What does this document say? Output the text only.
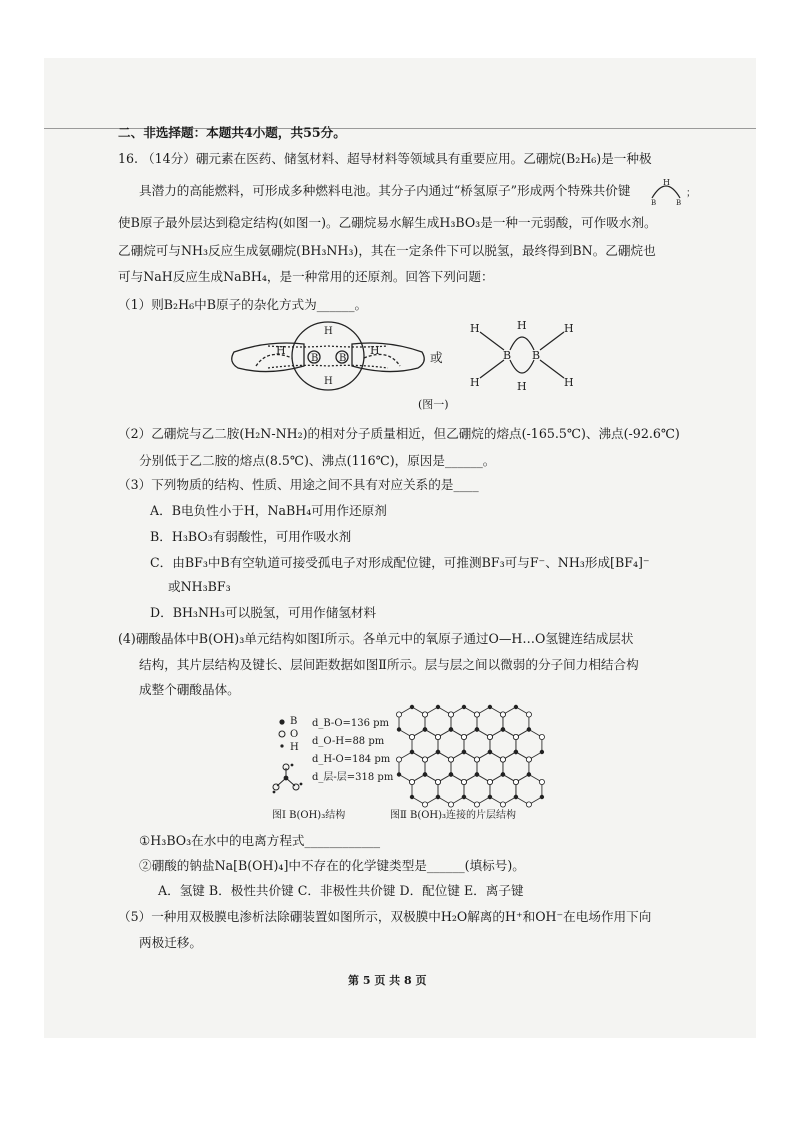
二、非选择题：本题共4小题，共55分。
16. （14分）硼元素在医药、储氢材料、超导材料等领域具有重要应用。乙硼烷(B₂H₆)是一种极
具潜力的高能燃料，可形成多种燃料电池。其分子内通过“桥氢原子”形成两个特殊共价键
H
B	B
；
使B原子最外层达到稳定结构(如图一)。乙硼烷易水解生成H₃BO₃是一种一元弱酸，可作吸水剂。
乙硼烷可与NH₃反应生成氨硼烷(BH₃NH₃)，其在一定条件下可以脱氢，最终得到BN。乙硼烷也
可与NaH反应生成NaBH₄，是一种常用的还原剂。回答下列问题：
（1）则B₂H₆中B原子的杂化方式为______。
H	H
B B
H
H
或
H
H
H
H
H
H
B B
(图一)
（2）乙硼烷与乙二胺(H₂N-NH₂)的相对分子质量相近，但乙硼烷的熔点(-165.5℃)、沸点(-92.6℃)
分别低于乙二胺的熔点(8.5℃)、沸点(116℃)，原因是______。
（3）下列物质的结构、性质、用途之间不具有对应关系的是____
A．B电负性小于H，NaBH₄可用作还原剂
B．H₃BO₃有弱酸性，可用作吸水剂
C．由BF₃中B有空轨道可接受孤电子对形成配位键，可推测BF₃可与F⁻、NH₃形成[BF₄]⁻
或NH₃BF₃
D．BH₃NH₃可以脱氢，可用作储氢材料
(4)硼酸晶体中B(OH)₃单元结构如图Ⅰ所示。各单元中的氧原子通过O—H…O氢键连结成层状
结构，其片层结构及键长、层间距数据如图Ⅱ所示。层与层之间以微弱的分子间力相结合构
成整个硼酸晶体。
B
O
H
d_B-O=136 pm
d_O-H=88 pm
d_H-O=184 pm
d_层-层=318 pm
图Ⅰ B(OH)₃结构	图Ⅱ B(OH)₃连接的片层结构
①H₃BO₃在水中的电离方程式____________
②硼酸的钠盐Na[B(OH)₄]中不存在的化学键类型是______(填标号)。
A．氢键 B．极性共价键 C．非极性共价键 D．配位键 E．离子键
（5）一种用双极膜电渗析法除硼装置如图所示，双极膜中H₂O解离的H⁺和OH⁻在电场作用下向
两极迁移。
第 5 页 共 8 页
